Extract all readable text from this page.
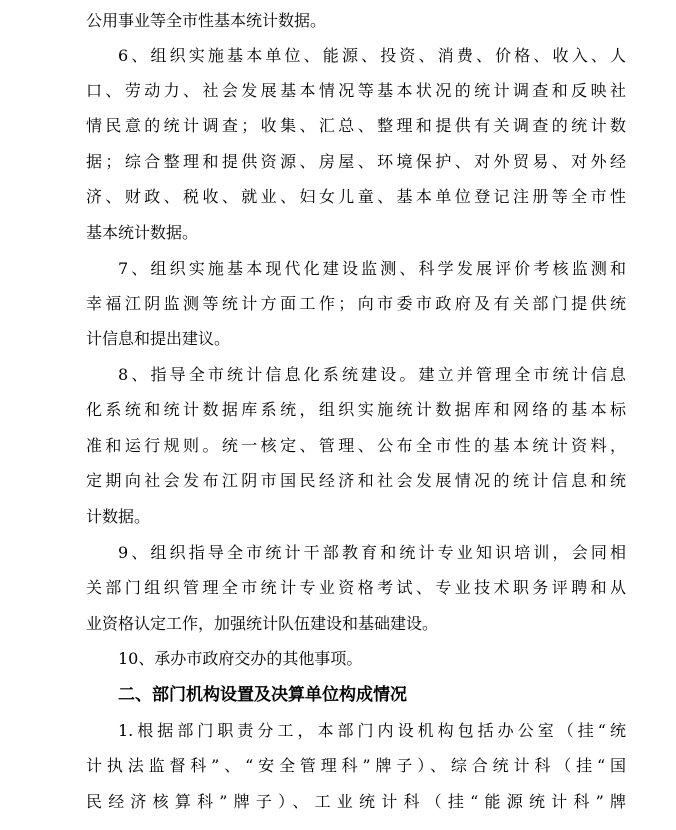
公用事业等全市性基本统计数据。
6、组织实施基本单位、能源、投资、消费、价格、收入、人
口、劳动力、社会发展基本情况等基本状况的统计调查和反映社
情民意的统计调查；收集、汇总、整理和提供有关调查的统计数
据；综合整理和提供资源、房屋、环境保护、对外贸易、对外经
济、财政、税收、就业、妇女儿童、基本单位登记注册等全市性
基本统计数据。
7、组织实施基本现代化建设监测、科学发展评价考核监测和
幸福江阴监测等统计方面工作；向市委市政府及有关部门提供统
计信息和提出建议。
8、指导全市统计信息化系统建设。建立并管理全市统计信息
化系统和统计数据库系统，组织实施统计数据库和网络的基本标
准和运行规则。统一核定、管理、公布全市性的基本统计资料，
定期向社会发布江阴市国民经济和社会发展情况的统计信息和统
计数据。
9、组织指导全市统计干部教育和统计专业知识培训，会同相
关部门组织管理全市统计专业资格考试、专业技术职务评聘和从
业资格认定工作，加强统计队伍建设和基础建设。
10、承办市政府交办的其他事项。
二、部门机构设置及决算单位构成情况
1.根据部门职责分工，本部门内设机构包括办公室（挂“统
计执法监督科”、“安全管理科”牌子）、综合统计科（挂“国
民经济核算科”牌子）、工业统计科（挂“能源统计科”牌
